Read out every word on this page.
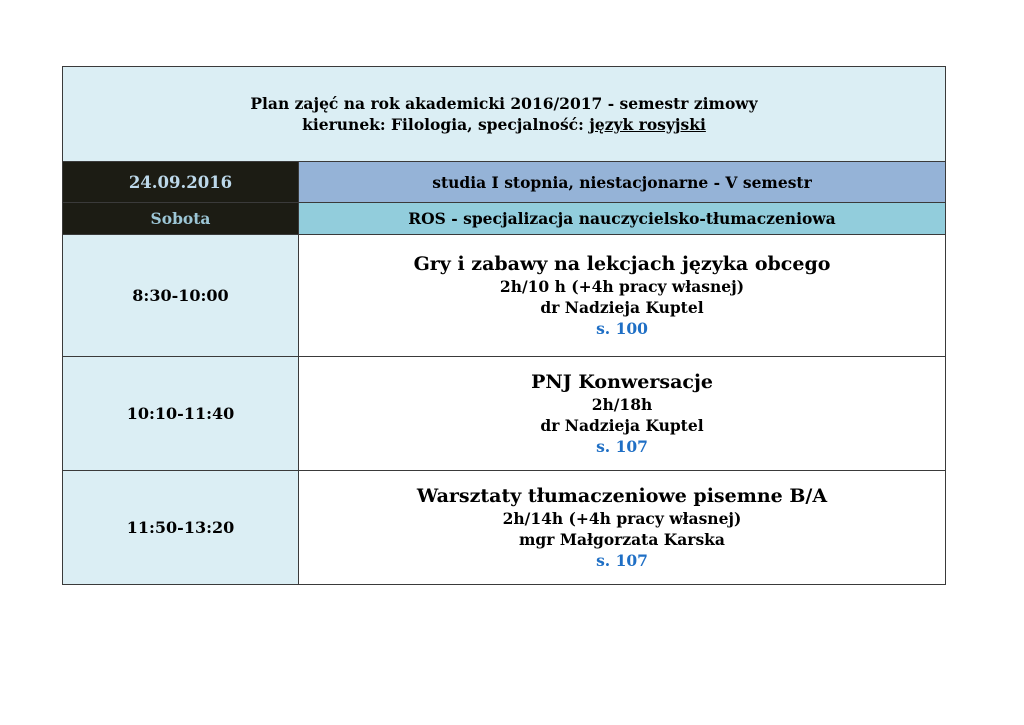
Plan zajęć na rok akademicki 2016/2017 - semestr zimowy
kierunek: Filologia, specjalność: język rosyjski	
24.09.2016	studia I stopnia, niestacjonarne - V semestr
Sobota	ROS - specjalizacja nauczycielsko-tłumaczeniowa
8:30-10:00	Gry i zabawy na lekcjach języka obcego
2h/10 h (+4h pracy własnej)
dr Nadzieja Kuptel
s. 100

10:10-11:40	PNJ Konwersacje
2h/18h
dr Nadzieja Kuptel
s. 107

11:50-13:20	Warsztaty tłumaczeniowe pisemne B/A
2h/14h (+4h pracy własnej)
mgr Małgorzata Karska
s. 107
